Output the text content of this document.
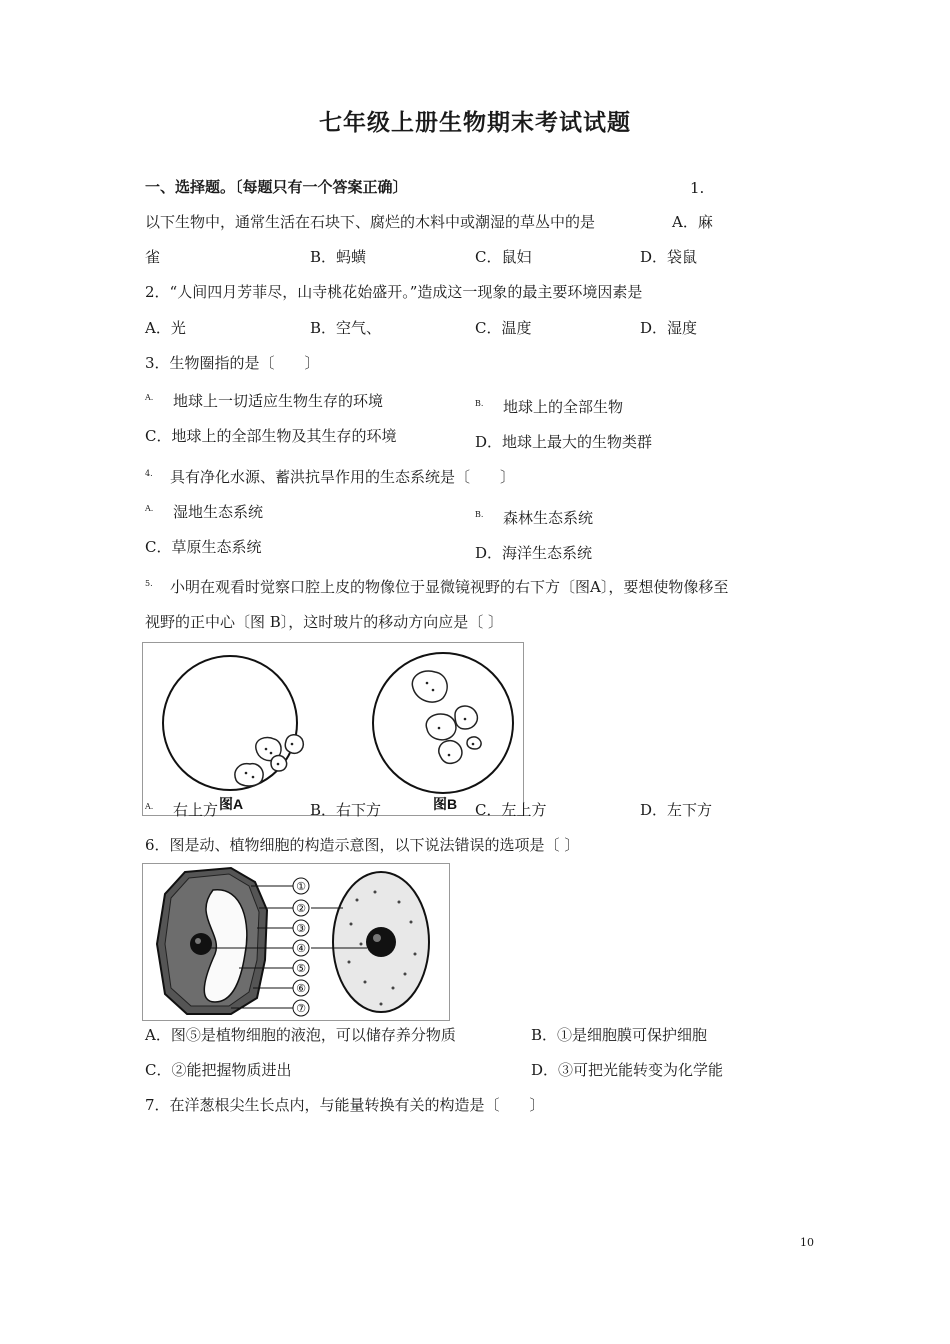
七年级上册生物期末考试试题
一、选择题。〔每题只有一个答案正确〕	1.
以下生物中，通常生活在石块下、腐烂的木料中或潮湿的草丛中的是	A．麻
雀	B．蚂蟥	C．鼠妇	D．袋鼠
2．“人间四月芳菲尽，山寺桃花始盛开。”造成这一现象的最主要环境因素是
A．光	B．空气、	C．温度	D．湿度
3．生物圈指的是〔　　〕
A. 地球上一切适应生物生存的环境	B. 地球上的全部生物
C．地球上的全部生物及其生存的环境	D．地球上最大的生物类群
4. 具有净化水源、蓄洪抗旱作用的生态系统是〔　　〕
A. 湿地生态系统	B. 森林生态系统
C．草原生态系统	D．海洋生态系统
5. 小明在观看时觉察口腔上皮的物像位于显微镜视野的右下方〔图A〕，要想使物像移至
视野的正中心〔图 B〕，这时玻片的移动方向应是〔 〕
图A	图B
A. 右上方	B．右下方	C．左上方	D．左下方
6．图是动、植物细胞的构造示意图，以下说法错误的选项是〔 〕
①
②
③
④
⑤
⑥
⑦
A．图⑤是植物细胞的液泡，可以储存养分物质	B．①是细胞膜可保护细胞
C．②能把握物质进出	D．③可把光能转变为化学能
7．在洋葱根尖生长点内，与能量转换有关的构造是〔　　〕
10
